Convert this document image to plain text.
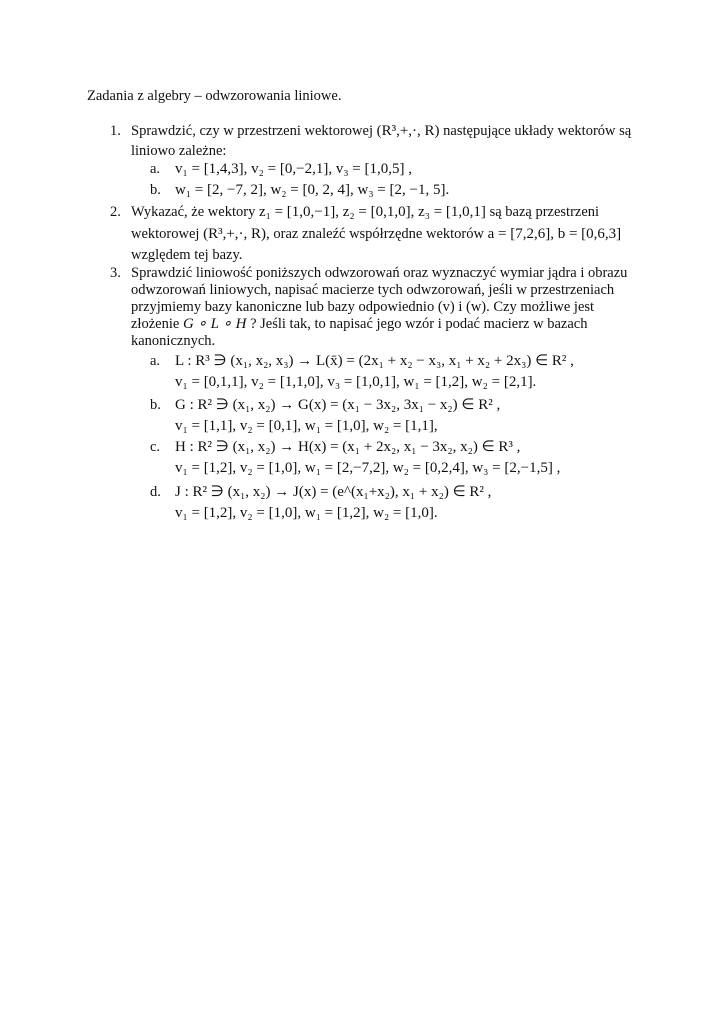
Zadania z algebry – odwzorowania liniowe.
1. Sprawdzić, czy w przestrzeni wektorowej (R³,+,·, R) następujące układy wektorów są
liniowo zależne:
a. v₁ = [1,4,3], v₂ = [0,−2,1], v₃ = [1,0,5] ,
b. w₁ = [2, −7, 2], w₂ = [0, 2, 4], w₃ = [2, −1, 5].
2. Wykazać, że wektory z₁ = [1,0,−1], z₂ = [0,1,0], z₃ = [1,0,1] są bazą przestrzeni
wektorowej (R³,+,·, R), oraz znaleźć współrzędne wektorów a = [7,2,6], b = [0,6,3]
względem tej bazy.
3. Sprawdzić liniowość poniższych odwzorowań oraz wyznaczyć wymiar jądra i obrazu
odwzorowań liniowych, napisać macierze tych odwzorowań, jeśli w przestrzeniach
przyjmiemy bazy kanoniczne lub bazy odpowiednio (v) i (w). Czy możliwe jest
złożenie G ∘ L ∘ H ? Jeśli tak, to napisać jego wzór i podać macierz w bazach
kanonicznych.
a. L : R³ ∋ (x₁, x₂, x₃) → L(x̄) = (2x₁ + x₂ − x₃, x₁ + x₂ + 2x₃) ∈ R² ,
v₁ = [0,1,1], v₂ = [1,1,0], v₃ = [1,0,1], w₁ = [1,2], w₂ = [2,1].
b. G : R² ∋ (x₁, x₂) → G(x) = (x₁ − 3x₂, 3x₁ − x₂) ∈ R² ,
v₁ = [1,1], v₂ = [0,1], w₁ = [1,0], w₂ = [1,1],
c. H : R² ∋ (x₁, x₂) → H(x) = (x₁ + 2x₂, x₁ − 3x₂, x₂) ∈ R³ ,
v₁ = [1,2], v₂ = [1,0], w₁ = [2,−7,2], w₂ = [0,2,4], w₃ = [2,−1,5] ,
d. J : R² ∋ (x₁, x₂) → J(x) = (e^(x₁+x₂), x₁ + x₂) ∈ R² ,
v₁ = [1,2], v₂ = [1,0], w₁ = [1,2], w₂ = [1,0].
